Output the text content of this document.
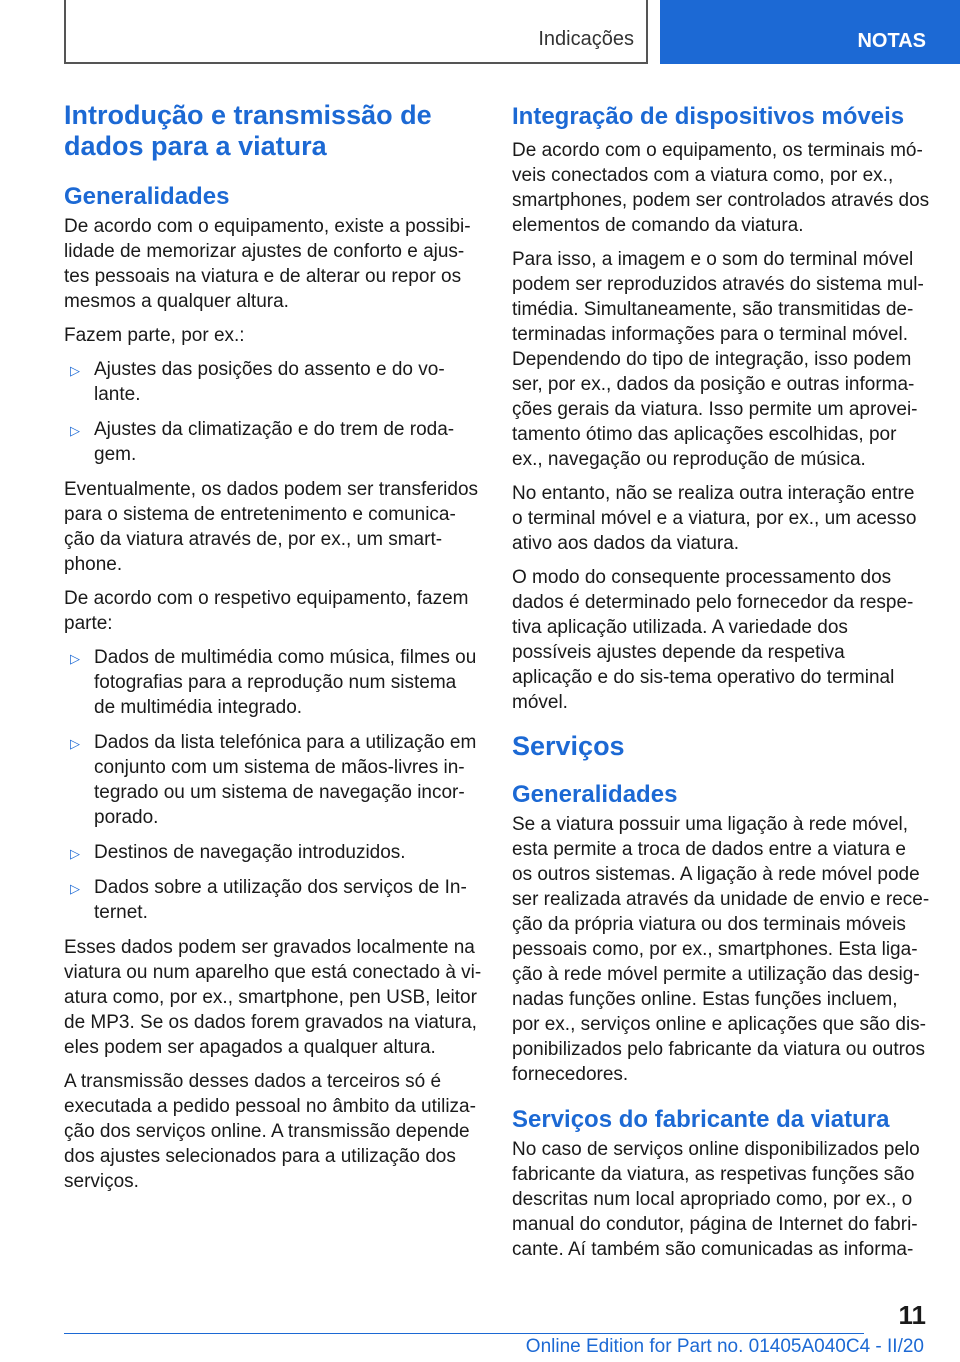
Indicações	NOTAS
Introdução e transmissão de dados para a viatura
Generalidades

De acordo com o equipamento, existe a possibi-lidade de memorizar ajustes de conforto e ajus-tes pessoais na viatura e de alterar ou repor os mesmos a qualquer altura.

Fazem parte, por ex.:

▷ Ajustes das posições do assento e do vo-lante.
▷ Ajustes da climatização e do trem de roda-gem.

Eventualmente, os dados podem ser transferidos para o sistema de entretenimento e comunica-ção da viatura através de, por ex., um smart-phone.

De acordo com o respetivo equipamento, fazem parte:

▷ Dados de multimédia como música, filmes ou fotografias para a reprodução num sistema de multimédia integrado.
▷ Dados da lista telefónica para a utilização em conjunto com um sistema de mãos-livres in-tegrado ou um sistema de navegação incor-porado.
▷ Destinos de navegação introduzidos.
▷ Dados sobre a utilização dos serviços de In-ternet.

Esses dados podem ser gravados localmente na viatura ou num aparelho que está conectado à vi-atura como, por ex., smartphone, pen USB, leitor de MP3. Se os dados forem gravados na viatura, eles podem ser apagados a qualquer altura.

A transmissão desses dados a terceiros só é executada a pedido pessoal no âmbito da utiliza-ção dos serviços online. A transmissão depende dos ajustes selecionados para a utilização dos serviços.

Integração de dispositivos móveis

De acordo com o equipamento, os terminais mó-veis conectados com a viatura como, por ex., smartphones, podem ser controlados através dos elementos de comando da viatura.

Para isso, a imagem e o som do terminal móvel podem ser reproduzidos através do sistema mul-timédia. Simultaneamente, são transmitidas de-terminadas informações para o terminal móvel. Dependendo do tipo de integração, isso podem ser, por ex., dados da posição e outras informa-ções gerais da viatura. Isso permite um aprovei-tamento ótimo das aplicações escolhidas, por ex., navegação ou reprodução de música.

No entanto, não se realiza outra interação entre o terminal móvel e a viatura, por ex., um acesso ativo aos dados da viatura.

O modo do consequente processamento dos dados é determinado pelo fornecedor da respe-tiva aplicação utilizada. A variedade dos possíveis ajustes depende da respetiva aplicação e do sis-tema operativo do terminal móvel.

Serviços
Generalidades

Se a viatura possuir uma ligação à rede móvel, esta permite a troca de dados entre a viatura e os outros sistemas. A ligação à rede móvel pode ser realizada através da unidade de envio e rece-ção da própria viatura ou dos terminais móveis pessoais como, por ex., smartphones. Esta liga-ção à rede móvel permite a utilização das desig-nadas funções online. Estas funções incluem, por ex., serviços online e aplicações que são dis-ponibilizados pelo fabricante da viatura ou outros fornecedores.

Serviços do fabricante da viatura

No caso de serviços online disponibilizados pelo fabricante da viatura, as respetivas funções são descritas num local apropriado como, por ex., o manual do condutor, página de Internet do fabri-cante. Aí também são comunicadas as informa-

11
Online Edition for Part no. 01405A040C4 - II/20
